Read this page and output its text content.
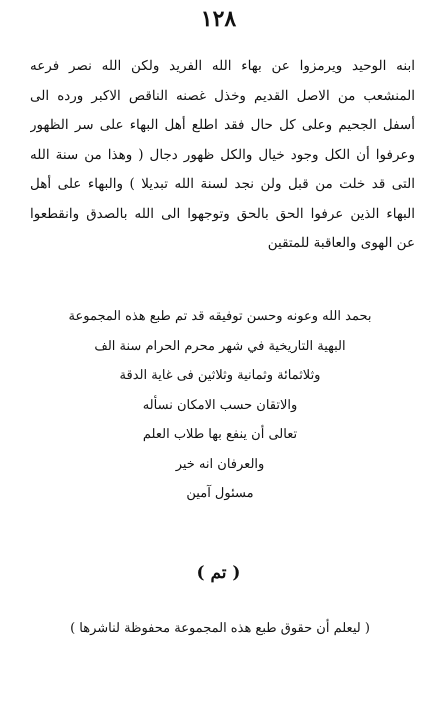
١٢٨
ابنه الوحيد ويرمزوا عن بهاء الله الفريد ولكن الله نصر فرعه
المنشعب من الاصل القديم وخذل غصنه الناقص الاكبر ورده الى
أسفل الجحيم وعلى كل حال فقد اطلع أهل البهاء على سر الظهور
وعرفوا أن الكل وجود خيال والكل ظهور دجال ( وهذا من سنة الله
التى قد خلت من قبل ولن نجد لسنة الله تبديلا ) والبهاء على أهل
البهاء الذين عرفوا الحق بالحق وتوجهوا الى الله بالصدق وانقطعوا
عن الهوى والعاقبة للمتقين
بحمد الله وعونه وحسن توفيقه قد تم طبع هذه المجموعة
البهية التاريخية في شهر محرم الحرام سنة الف
وثلاثمائة وثمانية وثلاثين فى غاية الدقة
والاتقان حسب الامكان نسأله
تعالى أن ينفع بها طلاب العلم
والعرفان انه خير
مسئول آمين
( تم )
( ليعلم أن حقوق طبع هذه المجموعة محفوظة لناشرها )
